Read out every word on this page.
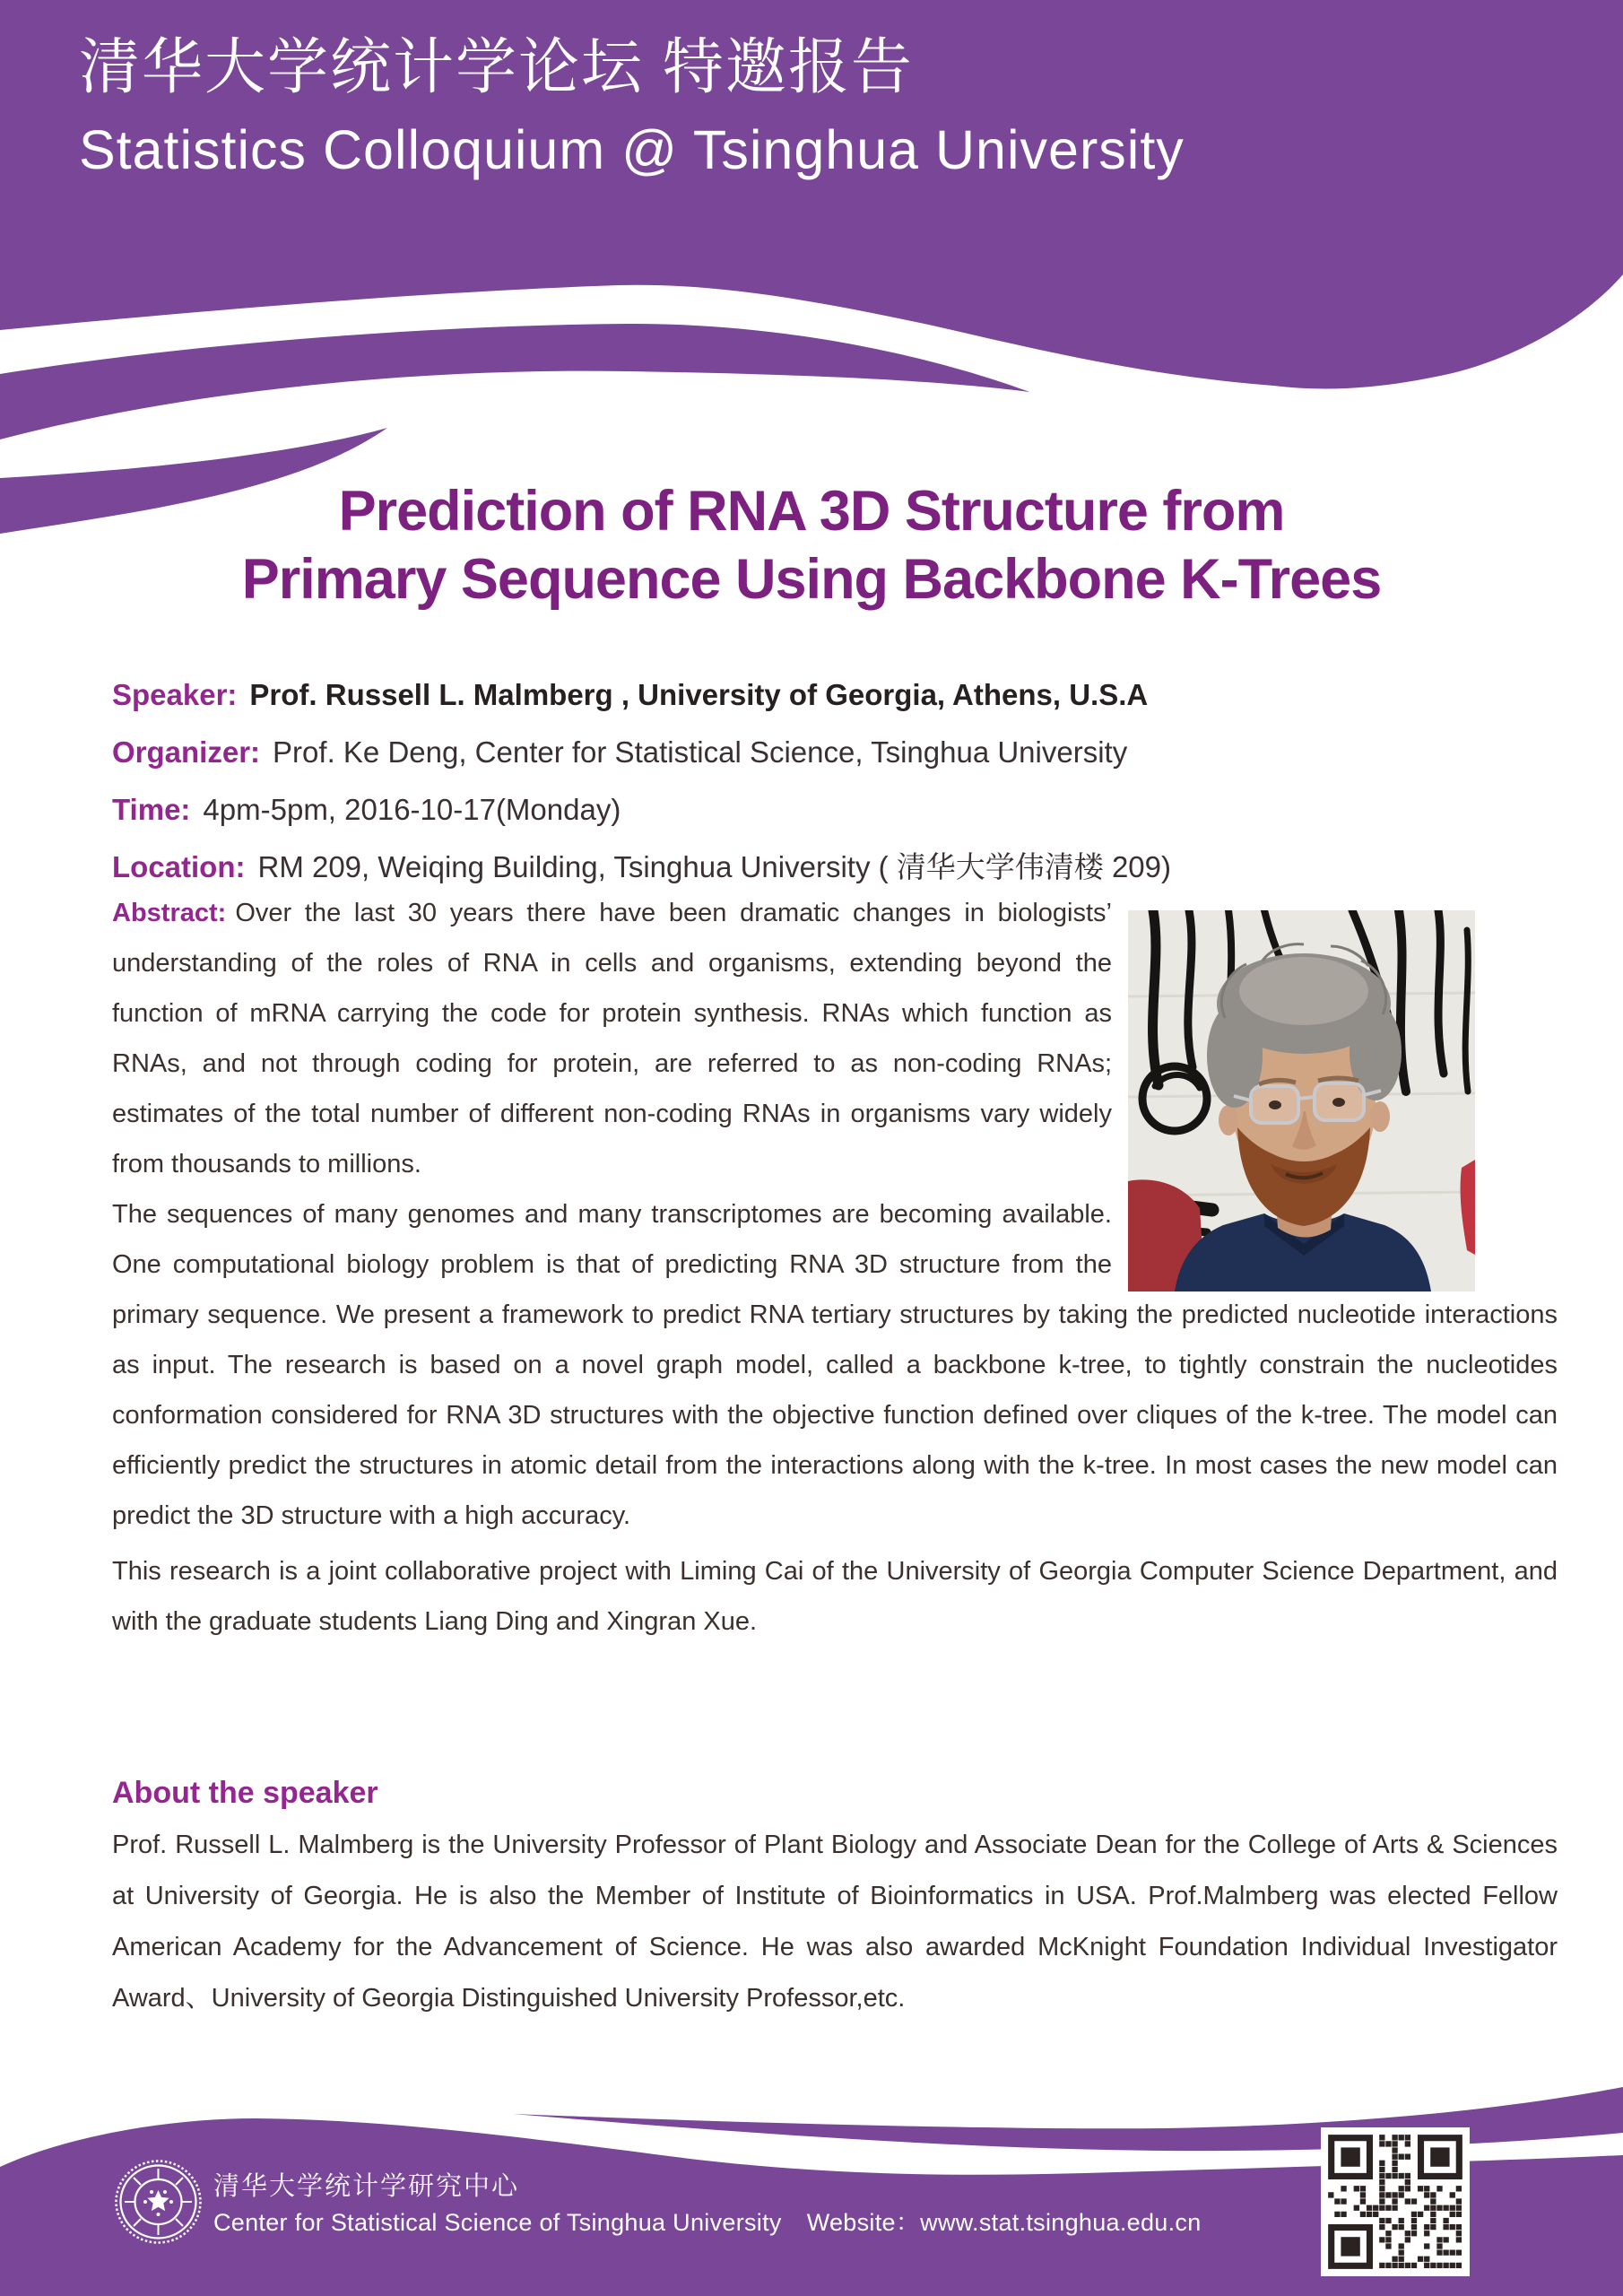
清华大学统计学论坛 特邀报告
Statistics Colloquium @ Tsinghua University
Prediction of RNA 3D Structure from
Primary Sequence Using Backbone K-Trees
Speaker: Prof. Russell L. Malmberg , University of Georgia, Athens, U.S.A
Organizer: Prof. Ke Deng, Center for Statistical Science, Tsinghua University
Time: 4pm-5pm, 2016-10-17(Monday)
Location: RM 209, Weiqing Building, Tsinghua University ( 清华大学伟清楼 209)

Abstract: Over the last 30 years there have been dramatic changes in biologists’ understanding of the roles of RNA in cells and organisms, extending beyond the function of mRNA carrying the code for protein synthesis. RNAs which function as RNAs, and not through coding for protein, are referred to as non-coding RNAs; estimates of the total number of different non-coding RNAs in organisms vary widely from thousands to millions.

The sequences of many genomes and many transcriptomes are becoming available. One computational biology problem is that of predicting RNA 3D structure from the primary sequence. We present a framework to predict RNA tertiary structures by taking the predicted nucleotide interactions as input. The research is based on a novel graph model, called a backbone k-tree, to tightly constrain the nucleotides conformation considered for RNA 3D structures with the objective function defined over cliques of the k-tree. The model can efficiently predict the structures in atomic detail from the interactions along with the k-tree. In most cases the new model can predict the 3D structure with a high accuracy.

This research is a joint collaborative project with Liming Cai of the University of Georgia Computer Science Department, and with the graduate students Liang Ding and Xingran Xue.

About the speaker
Prof. Russell L. Malmberg is the University Professor of Plant Biology and Associate Dean for the College of Arts & Sciences at University of Georgia. He is also the Member of Institute of Bioinformatics in USA. Prof.Malmberg was elected Fellow American Academy for the Advancement of Science. He was also awarded McKnight Foundation Individual Investigator Award、University of Georgia Distinguished University Professor,etc.
清华大学统计学研究中心
Center for Statistical Science of Tsinghua University Website：www.stat.tsinghua.edu.cn
